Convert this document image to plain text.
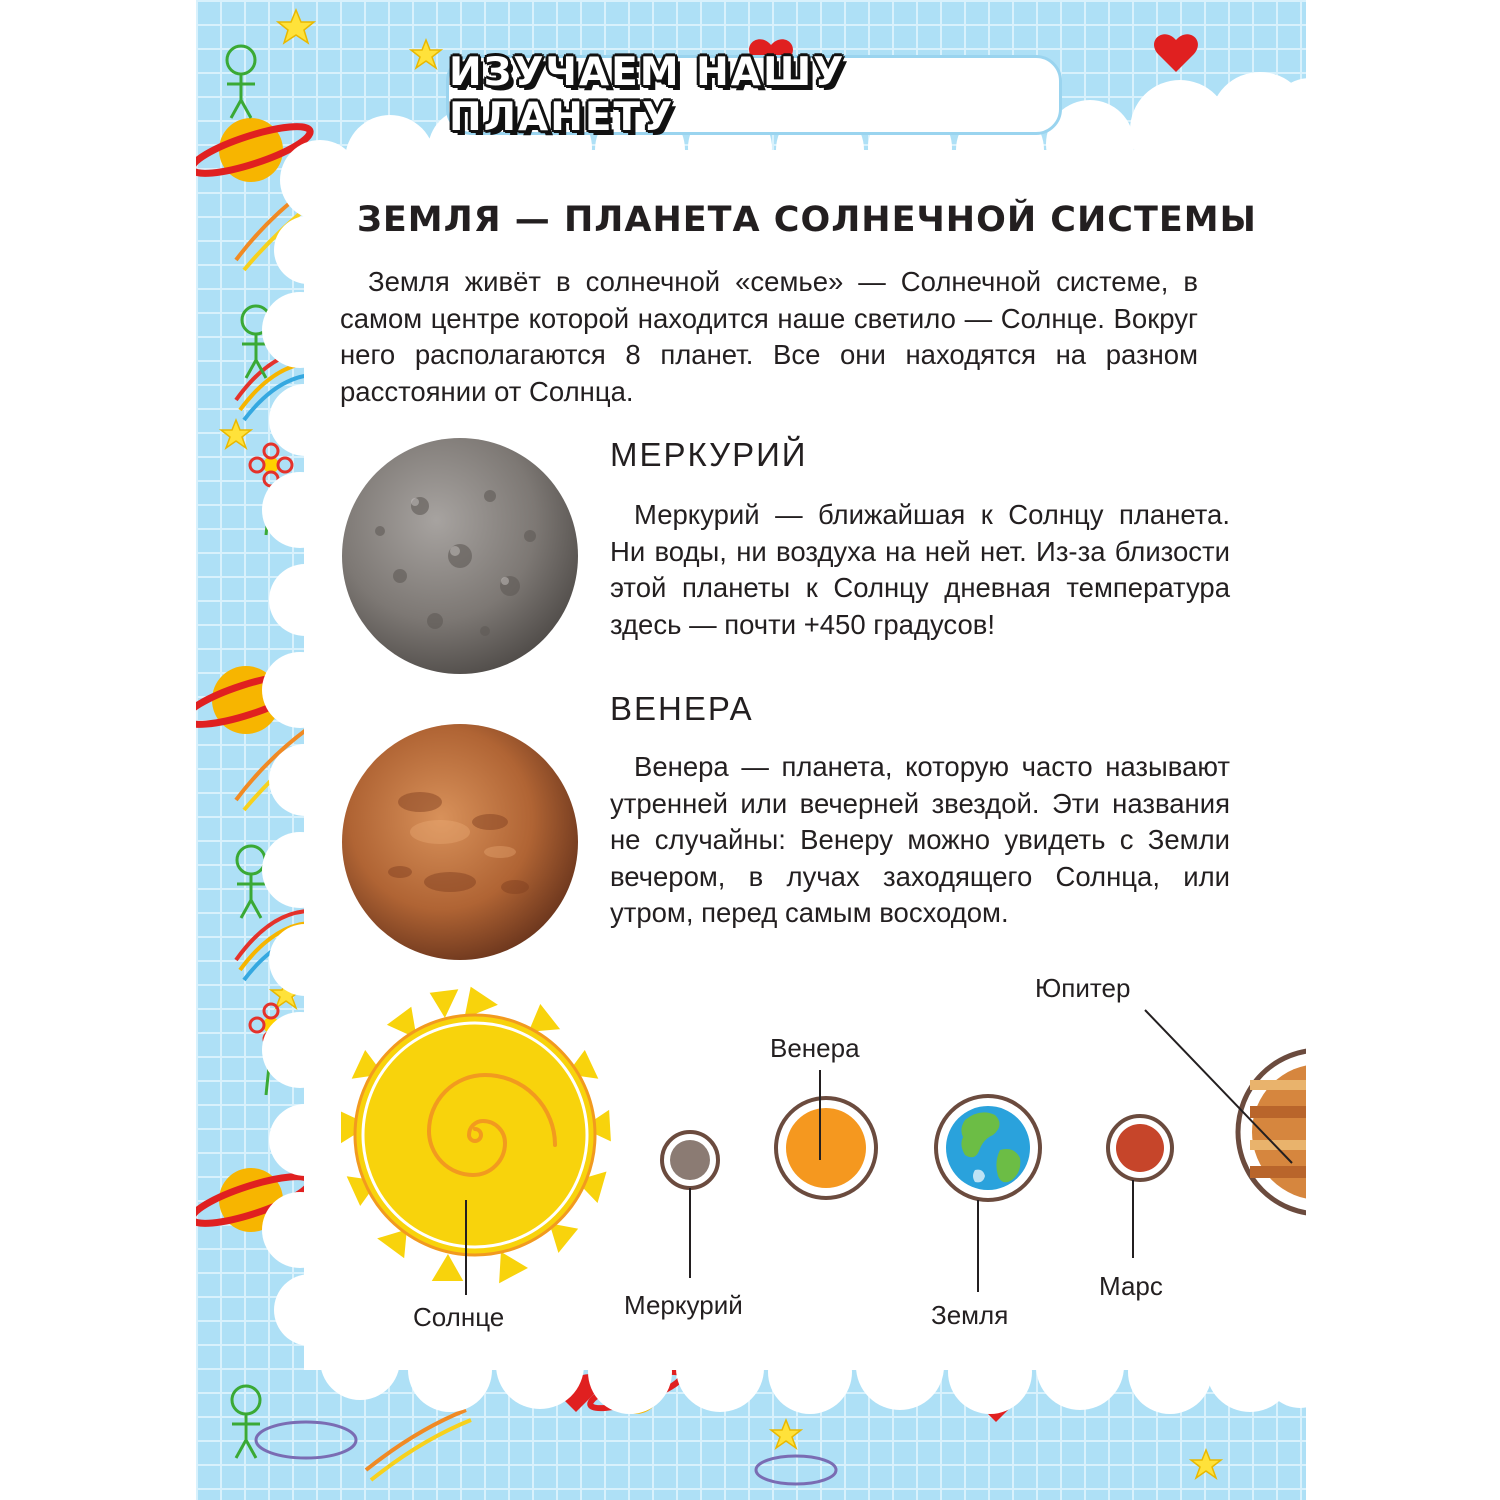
ИЗУЧАЕМ НАШУ ПЛАНЕТУ
ЗЕМЛЯ — ПЛАНЕТА СОЛНЕЧНОЙ СИСТЕМЫ

Земля живёт в солнечной «семье» — Солнечной системе, в самом центре которой находится наше светило — Солнце. Вокруг него располагаются 8 планет. Все они находятся на разном расстоянии от Солнца.

МЕРКУРИЙ

Меркурий — ближайшая к Солнцу планета. Ни воды, ни воздуха на ней нет. Из-за близости этой планеты к Солнцу дневная температура здесь — почти +450 градусов!

ВЕНЕРА

Венера — планета, которую часто называют утренней или вечерней звездой. Эти названия не случайны: Венеру можно увидеть с Земли вечером, в лучах заходящего Солнца, или утром, перед самым восходом.

Солнце	Меркурий
Венера
Земля
Марс
Юпитер
